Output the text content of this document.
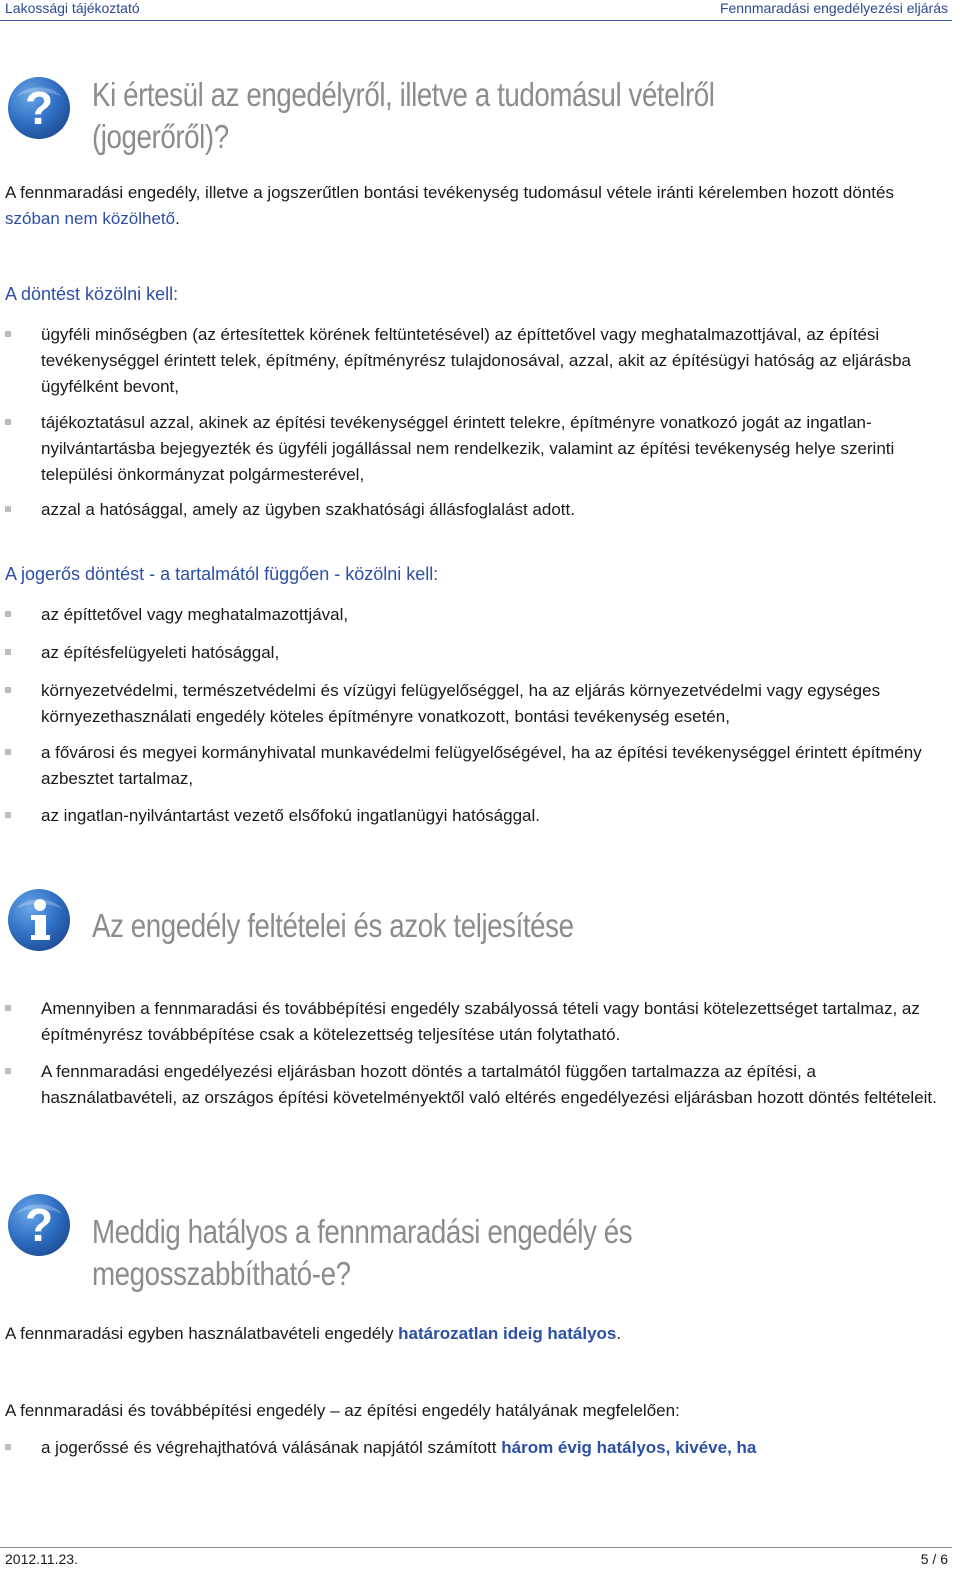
Lakossági tájékoztató	Fennmaradási engedélyezési eljárás
? Ki értesül az engedélyről, illetve a tudomásul vételről
(jogerőről)?
A fennmaradási engedély, illetve a jogszerűtlen bontási tevékenység tudomásul vétele iránti kérelemben hozott döntés szóban nem közölhető.
A döntést közölni kell:
ügyféli minőségben (az értesítettek körének feltüntetésével) az építtetővel vagy meghatalmazottjával, az építési tevékenységgel érintett telek, építmény, építményrész tulajdonosával, azzal, akit az építésügyi hatóság az eljárásba ügyfélként bevont,
tájékoztatásul azzal, akinek az építési tevékenységgel érintett telekre, építményre vonatkozó jogát az ingatlan-nyilvántartásba bejegyezték és ügyféli jogállással nem rendelkezik, valamint az építési tevékenység helye szerinti települési önkormányzat polgármesterével,
azzal a hatósággal, amely az ügyben szakhatósági állásfoglalást adott.
A jogerős döntést - a tartalmától függően - közölni kell:
az építtetővel vagy meghatalmazottjával,
az építésfelügyeleti hatósággal,
környezetvédelmi, természetvédelmi és vízügyi felügyelőséggel, ha az eljárás környezetvédelmi vagy egységes környezethasználati engedély köteles építményre vonatkozott, bontási tevékenység esetén,
a fővárosi és megyei kormányhivatal munkavédelmi felügyelőségével, ha az építési tevékenységgel érintett építmény azbesztet tartalmaz,
az ingatlan-nyilvántartást vezető elsőfokú ingatlanügyi hatósággal.
Az engedély feltételei és azok teljesítése
Amennyiben a fennmaradási és továbbépítési engedély szabályossá tételi vagy bontási kötelezettséget tartalmaz, az építményrész továbbépítése csak a kötelezettség teljesítése után folytatható.
A fennmaradási engedélyezési eljárásban hozott döntés a tartalmától függően tartalmazza az építési, a használatbavételi, az országos építési követelményektől való eltérés engedélyezési eljárásban hozott döntés feltételeit.
? Meddig hatályos a fennmaradási engedély és
megosszabbítható-e?
A fennmaradási egyben használatbavételi engedély határozatlan ideig hatályos.
A fennmaradási és továbbépítési engedély – az építési engedély hatályának megfelelően:
a jogerőssé és végrehajthatóvá válásának napjától számított három évig hatályos, kivéve, ha
2012.11.23.	5 / 6
